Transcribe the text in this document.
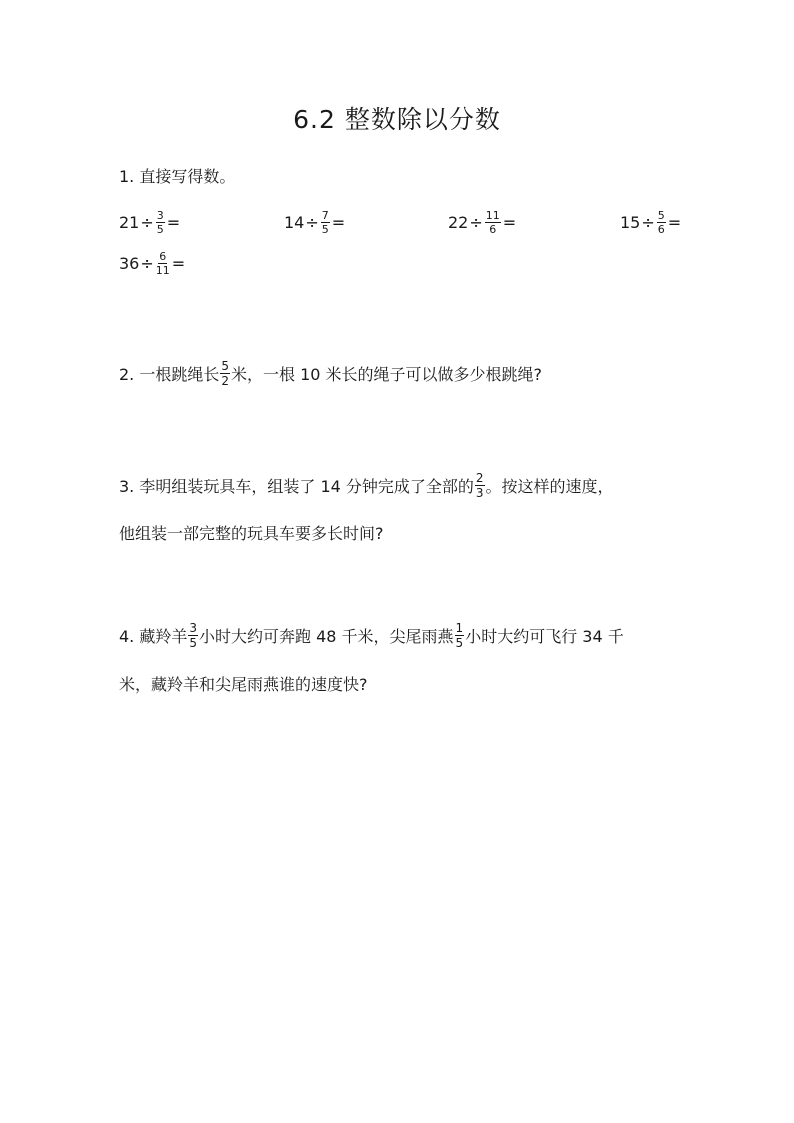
6.2 整数除以分数
1. 直接写得数。
$21 \div \frac{3}{5}$ =	$14 \div \frac{7}{5}$ =	$22 \div \frac{11}{6}$ =	$15 \div \frac{5}{6}$ =
$36 \div \frac{6}{11}$ =
2. 一根跳绳长 $\frac{5}{2}$ 米，一根 10 米长的绳子可以做多少根跳绳?
3. 李明组装玩具车，组装了 14 分钟完成了全部的 $\frac{2}{3}$ 。按这样的速度，
他组装一部完整的玩具车要多长时间?
4. 藏羚羊 $\frac{3}{5}$ 小时大约可奔跑 48 千米，尖尾雨燕 $\frac{1}{5}$ 小时大约可飞行 34 千
米，藏羚羊和尖尾雨燕谁的速度快?
